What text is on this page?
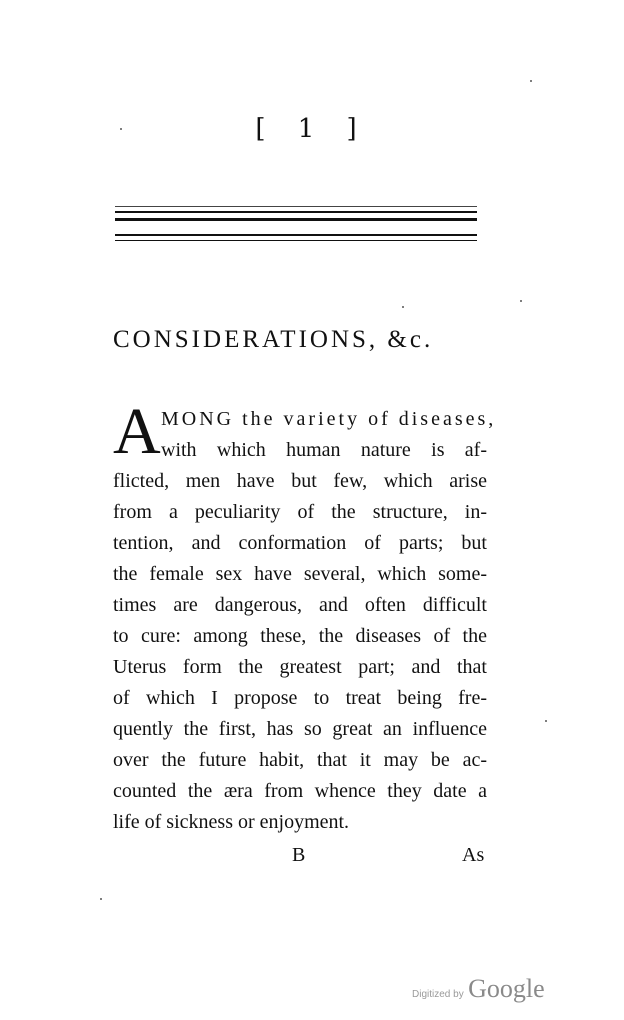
[ 1 ]
CONSIDERATIONS, &c.
A MONG the variety of diseases,
with which human nature is af-
flicted, men have but few, which arise
from a peculiarity of the structure, in-
tention, and conformation of parts; but
the female sex have several, which some-
times are dangerous, and often difficult
to cure: among these, the diseases of the
Uterus form the greatest part; and that
of which I propose to treat being fre-
quently the first, has so great an influence
over the future habit, that it may be ac-
counted the æra from whence they date a
life of sickness or enjoyment.
B	As
Digitized by Google
